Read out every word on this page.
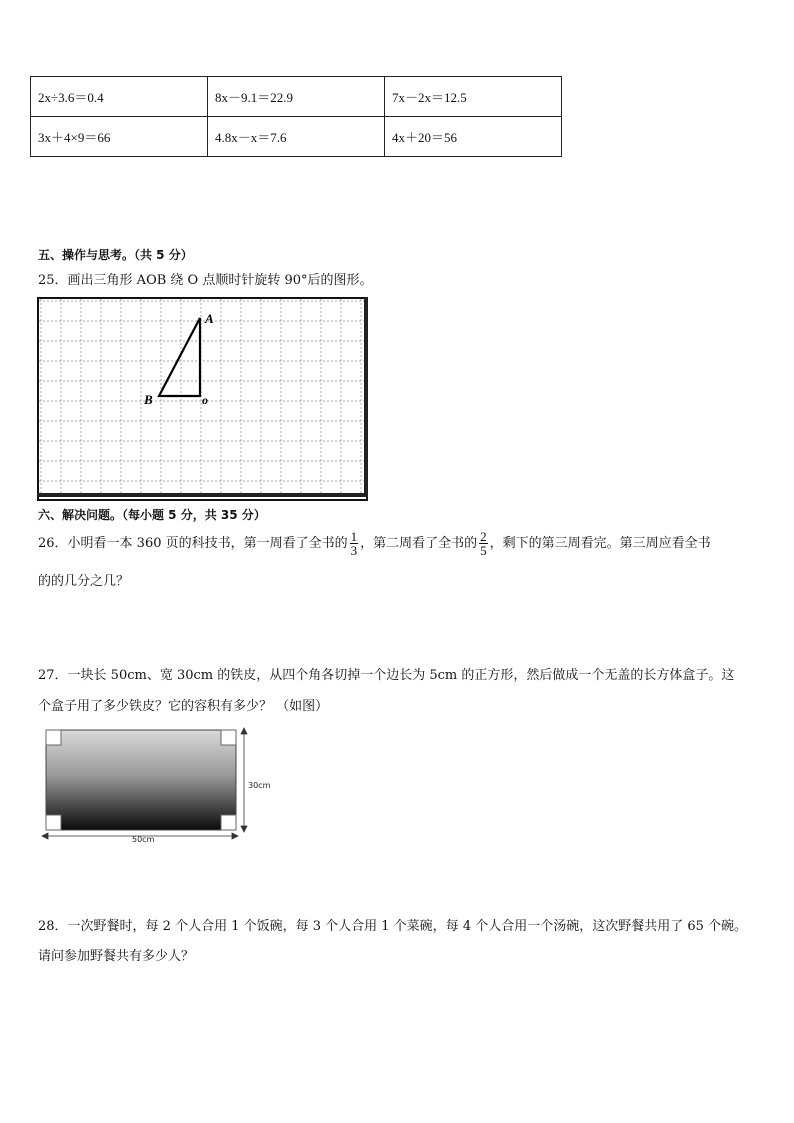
2x÷3.6＝0.4	8x－9.1＝22.9	7x－2x＝12.5
3x＋4×9＝66	4.8x－x＝7.6	4x＋20＝56
五、操作与思考。（共 5 分）
25．画出三角形 AOB 绕 O 点顺时针旋转 90°后的图形。
A
B	o
六、解决问题。（每小题 5 分，共 35 分）
26．小明看一本 360 页的科技书，第一周看了全书的 $\frac{1}{3}$ ，第二周看了全书的 $\frac{2}{5}$ ，剩下的第三周看完。第三周应看全书
的的几分之几？
27．一块长 50cm、宽 30cm 的铁皮，从四个角各切掉一个边长为 5cm 的正方形，然后做成一个无盖的长方体盒子。这
个盒子用了多少铁皮？它的容积有多少？ （如图）
30cm
50cm
28．一次野餐时，每 2 个人合用 1 个饭碗，每 3 个人合用 1 个菜碗，每 4 个人合用一个汤碗，这次野餐共用了 65 个碗。
请问参加野餐共有多少人？
